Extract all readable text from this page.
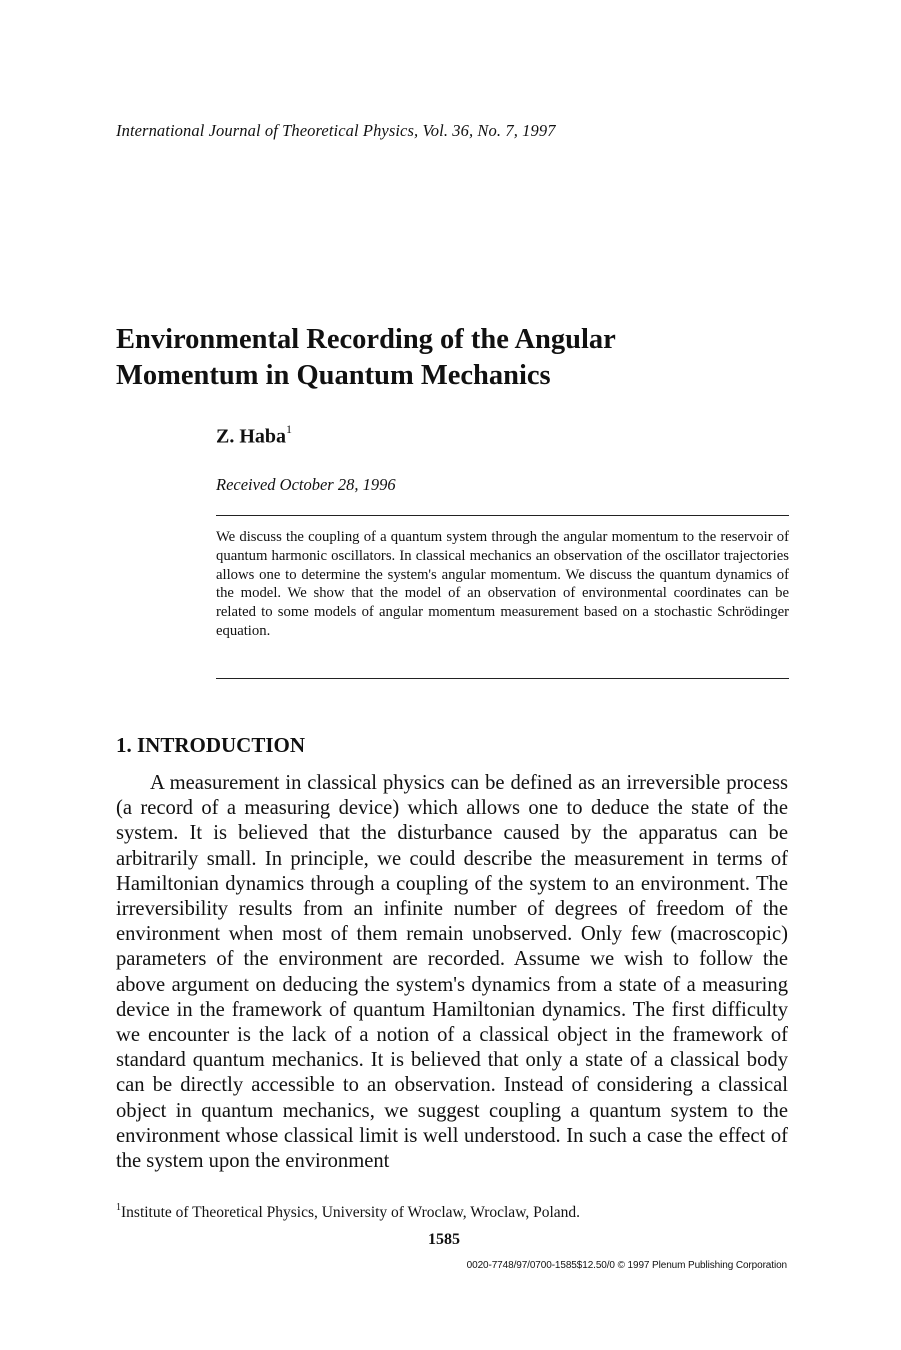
International Journal of Theoretical Physics, Vol. 36, No. 7, 1997
Environmental Recording of the Angular Momentum in Quantum Mechanics
Z. Haba$^1$
Received October 28, 1996
We discuss the coupling of a quantum system through the angular momentum to the reservoir of quantum harmonic oscillators. In classical mechanics an observation of the oscillator trajectories allows one to determine the system's angular momentum. We discuss the quantum dynamics of the model. We show that the model of an observation of environmental coordinates can be related to some models of angular momentum measurement based on a stochastic Schrödinger equation.
1. INTRODUCTION

A measurement in classical physics can be defined as an irreversible process (a record of a measuring device) which allows one to deduce the state of the system. It is believed that the disturbance caused by the apparatus can be arbitrarily small. In principle, we could describe the measurement in terms of Hamiltonian dynamics through a coupling of the system to an environment. The irreversibility results from an infinite number of degrees of freedom of the environment when most of them remain unobserved. Only few (macroscopic) parameters of the environment are recorded. Assume we wish to follow the above argument on deducing the system's dynamics from a state of a measuring device in the framework of quantum Hamiltonian dynamics. The first difficulty we encounter is the lack of a notion of a classical object in the framework of standard quantum mechanics. It is believed that only a state of a classical body can be directly accessible to an observation. Instead of considering a classical object in quantum mechanics, we suggest coupling a quantum system to the environment whose classical limit is well understood. In such a case the effect of the system upon the environment

$^1$Institute of Theoretical Physics, University of Wroclaw, Wroclaw, Poland.
1585
0020-7748/97/0700-1585$12.50/0 © 1997 Plenum Publishing Corporation
